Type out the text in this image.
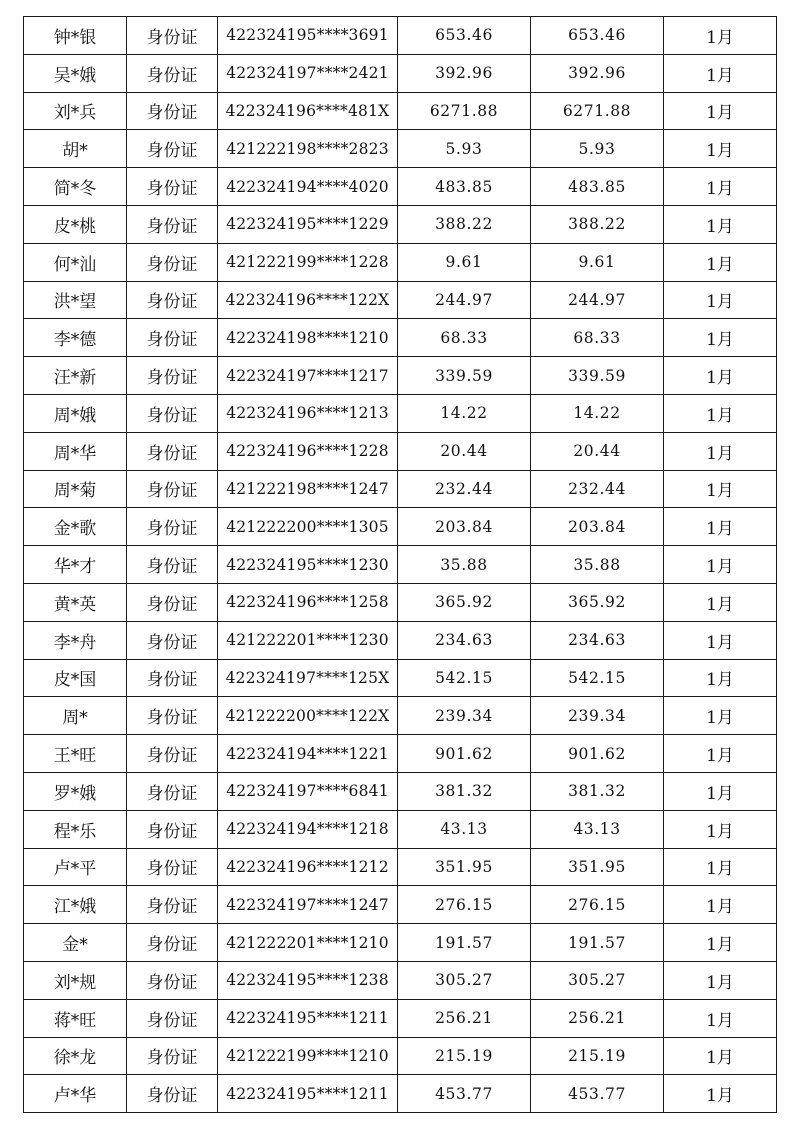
钟*银	身份证	422324195****3691	653.46	653.46	1月
吴*娥	身份证	422324197****2421	392.96	392.96	1月
刘*兵	身份证	422324196****481X	6271.88	6271.88	1月
胡*	身份证	421222198****2823	5.93	5.93	1月
简*冬	身份证	422324194****4020	483.85	483.85	1月
皮*桃	身份证	422324195****1229	388.22	388.22	1月
何*汕	身份证	421222199****1228	9.61	9.61	1月
洪*望	身份证	422324196****122X	244.97	244.97	1月
李*德	身份证	422324198****1210	68.33	68.33	1月
汪*新	身份证	422324197****1217	339.59	339.59	1月
周*娥	身份证	422324196****1213	14.22	14.22	1月
周*华	身份证	422324196****1228	20.44	20.44	1月
周*菊	身份证	421222198****1247	232.44	232.44	1月
金*歌	身份证	421222200****1305	203.84	203.84	1月
华*才	身份证	422324195****1230	35.88	35.88	1月
黄*英	身份证	422324196****1258	365.92	365.92	1月
李*舟	身份证	421222201****1230	234.63	234.63	1月
皮*国	身份证	422324197****125X	542.15	542.15	1月
周*	身份证	421222200****122X	239.34	239.34	1月
王*旺	身份证	422324194****1221	901.62	901.62	1月
罗*娥	身份证	422324197****6841	381.32	381.32	1月
程*乐	身份证	422324194****1218	43.13	43.13	1月
卢*平	身份证	422324196****1212	351.95	351.95	1月
江*娥	身份证	422324197****1247	276.15	276.15	1月
金*	身份证	421222201****1210	191.57	191.57	1月
刘*规	身份证	422324195****1238	305.27	305.27	1月
蒋*旺	身份证	422324195****1211	256.21	256.21	1月
徐*龙	身份证	421222199****1210	215.19	215.19	1月
卢*华	身份证	422324195****1211	453.77	453.77	1月
